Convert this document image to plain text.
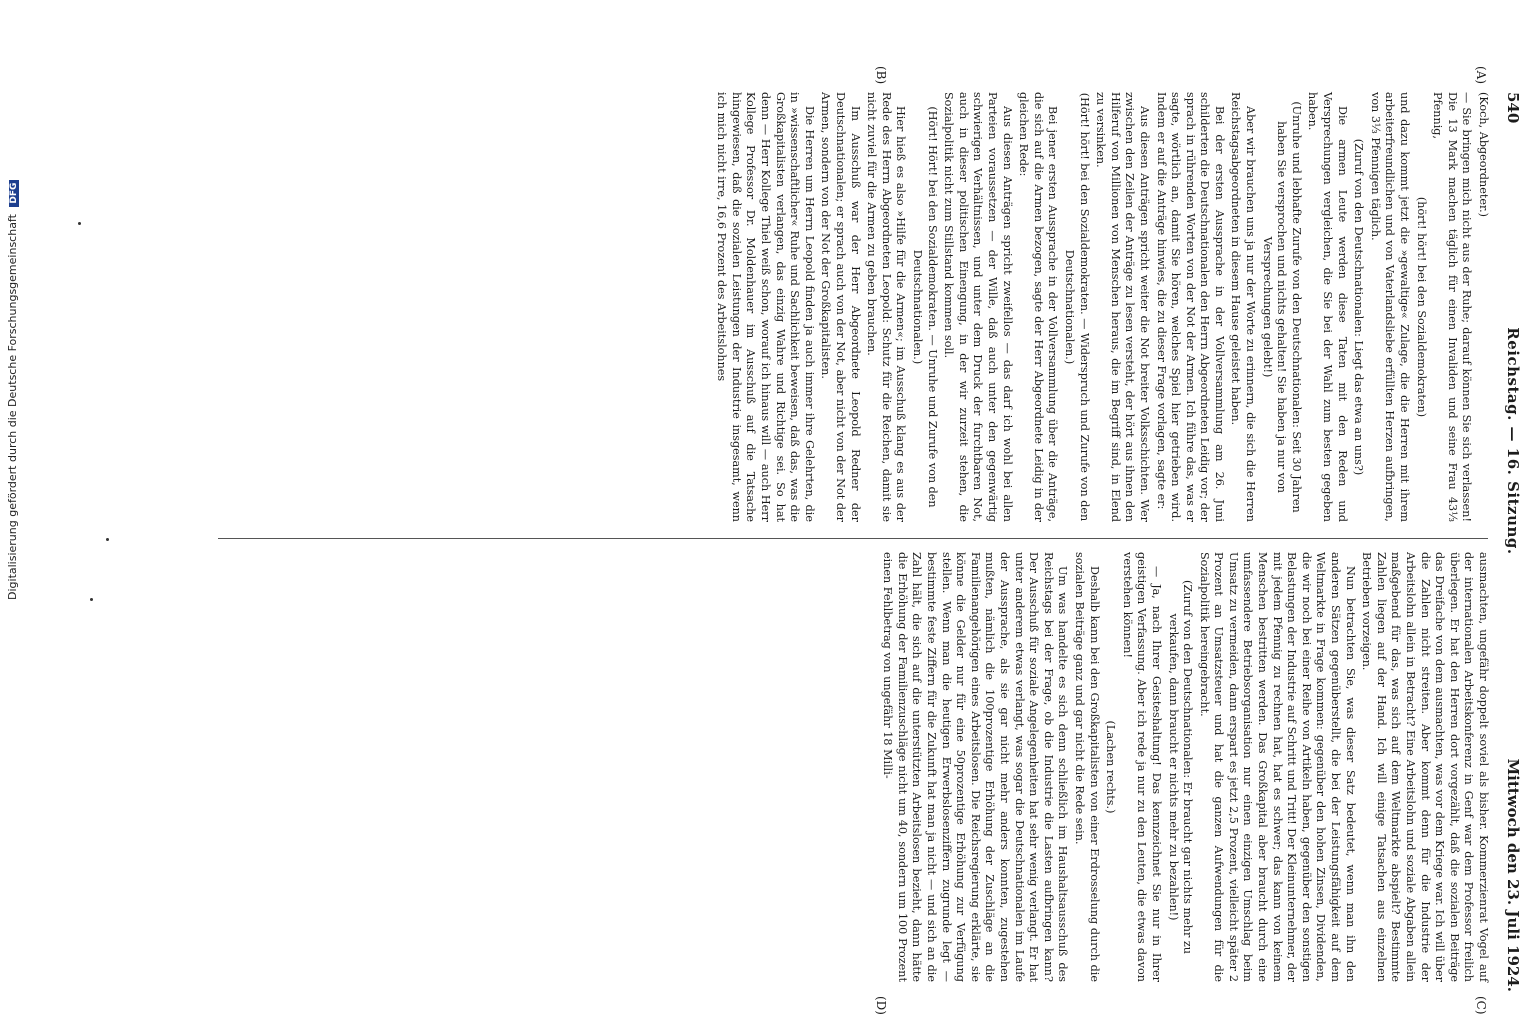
540
Reichstag. — 16. Sitzung.
Mittwoch den 23. Juli 1924.

(Koch, Abgeordneter.)

— Sie bringen mich nicht aus der Ruhe; darauf können Sie sich verlassen! Die 13 Mark machen täglich für einen Invaliden und seine Frau 43⅓ Pfennig,

(hört! hört! bei den Sozialdemokraten)

und dazu kommt jetzt die »gewaltige« Zulage, die die Herren mit ihrem arbeiterfreundlichen und von Vaterlandsliebe erfüllten Herzen aufbringen, von 3⅓ Pfennigen täglich.

(Zuruf von den Deutschnationalen: Liegt das etwa an uns?)

Die armen Leute werden diese Taten mit den Reden und Versprechungen vergleichen, die Sie bei der Wahl zum besten gegeben haben.

(Unruhe und lebhafte Zurufe von den Deutschnationalen: Seit 30 Jahren haben Sie versprochen und nichts gehalten! Sie haben ja nur von Versprechungen gelebt!)

Aber wir brauchen uns ja nur der Worte zu erinnern, die sich die Herren Reichstagsabgeordneten in diesem Hause geleistet haben.

Bei der ersten Aussprache in der Vollversammlung am 26. Juni schilderten die Deutschnationalen den Herrn Abgeordneten Leidig vor; der sprach in rührenden Worten von der Not der Armen. Ich führe das, was er sagte, wörtlich an, damit Sie hören, welches Spiel hier getrieben wird. Indem er auf die Anträge hinwies, die zu dieser Frage vorlagen, sagte er:

Aus diesen Anträgen spricht weiter die Not breiter Volksschichten. Wer zwischen den Zeilen der Anträge zu lesen versteht, der hört aus ihnen den Hilferuf von Millionen von Menschen heraus, die im Begriff sind, in Elend zu versinken.

(Hört! hört! bei den Sozialdemokraten. — Widerspruch und Zurufe von den Deutschnationalen.)

Bei jener ersten Aussprache in der Vollversammlung über die Anträge, die sich auf die Armen bezogen, sagte der Herr Abgeordnete Leidig in der gleichen Rede:

Aus diesen Anträgen spricht zweifellos — das darf ich wohl bei allen Parteien voraussetzen — der Wille, daß auch unter den gegenwärtig schwierigen Verhältnissen, und unter dem Druck der furchtbaren Not, auch in dieser politischen Einengung, in der wir zurzeit stehen, die Sozialpolitik nicht zum Stillstand kommen soll.

(Hört! Hört! bei den Sozialdemokraten. — Unruhe und Zurufe von den Deutschnationalen.)

Hier hieß es also »Hilfe für die Armen«; im Ausschuß klang es aus der Rede des Herrn Abgeordneten Leopold: Schutz für die Reichen, damit sie nicht zuviel für die Armen zu geben brauchen.

Im Ausschuß war der Herr Abgeordnete Leopold Redner der Deutschnationalen; er sprach auch von der Not, aber nicht von der Not der Armen, sondern von der Not der Großkapitalisten.

Die Herren um Herrn Leopold finden ja auch immer ihre Gelehrten, die in »wissenschaftlicher« Ruhe und Sachlichkeit beweisen, daß das, was die Großkapitalisten verlangen, das einzig Wahre und Richtige sei. So hat denn — Herr Kollege Thiel weiß schon, worauf ich hinaus will — auch Herr Kollege Professor Dr. Moldenhauer im Ausschuß auf die Tatsache hingewiesen, daß die sozialen Leistungen der Industrie insgesamt, wenn ich mich nicht irre, 16,6 Prozent des Arbeitslohnes

ausmachten, ungefähr doppelt soviel als bisher. Kommerzienrat Vogel auf der internationalen Arbeitskonferenz in Genf war dem Professor freilich überlegen. Er hat den Herren dort vorgezählt, daß die sozialen Beiträge das Dreifache von dem ausmachten, was vor dem Kriege war. Ich will über die Zahlen nicht streiten. Aber kommt denn für die Industrie der Arbeitslohn allein in Betracht? Eine Arbeitslohn und soziale Abgaben allein maßgebend für das, was sich auf dem Weltmarkte abspielt? Bestimmte Zahlen liegen auf der Hand. Ich will einige Tatsachen aus einzelnen Betrieben vorzeigen.

Nun betrachten Sie, was dieser Satz bedeutet, wenn man ihn den anderen Sätzen gegenüberstellt, die bei der Leistungsfähigkeit auf dem Weltmarkte in Frage kommen: gegenüber den hohen Zinsen, Dividenden, die wir noch bei einer Reihe von Artikeln haben, gegenüber den sonstigen Belastungen der Industrie auf Schritt und Tritt! Der Kleinunternehmer, der mit jedem Pfennig zu rechnen hat, hat es schwer; das kann von keinem Menschen bestritten werden. Das Großkapital aber braucht durch eine umfassendere Betriebsorganisation nur einen einzigen Umschlag beim Umsatz zu vermeiden, dann erspart es jetzt 2,5 Prozent, vielleicht später 2 Prozent an Umsatzsteuer und hat die ganzen Aufwendungen für die Sozialpolitik hereingebracht.

(Zuruf von den Deutschnationalen: Er braucht gar nichts mehr zu verkaufen, dann braucht er nichts mehr zu bezahlen!)

— Ja, nach Ihrer Geisteshaltung! Das kennzeichnet Sie nur in Ihrer geistigen Verfassung. Aber ich rede ja nur zu den Leuten, die etwas davon verstehen können!

(Lachen rechts.)

Deshalb kann bei den Großkapitalisten von einer Erdrosselung durch die sozialen Beiträge ganz und gar nicht die Rede sein.

Um was handelte es sich denn schließlich im Haushaltsausschuß des Reichstags bei der Frage, ob die Industrie die Lasten aufbringen kann? Der Ausschuß für soziale Angelegenheiten hat sehr wenig verlangt. Er hat unter anderem etwas verlangt, was sogar die Deutschnationalen im Laufe der Aussprache, als sie gar nicht mehr anders konnten, zugestehen mußten, nämlich die 100prozentige Erhöhung der Zuschläge an die Familienangehörigen eines Arbeitslosen. Die Reichsregierung erklärte, sie könne die Gelder nur für eine 50prozentige Erhöhung zur Verfügung stellen. Wenn man die heutigen Erwerbslosenziffern zugrunde legt — bestimmte feste Ziffern für die Zukunft hat man ja nicht — und sich an die Zahl hält, die sich auf die unterstützten Arbeitslosen bezieht, dann hätte die Erhöhung der Familienzuschläge nicht um 40, sondern um 100 Prozent einen Fehlbetrag von ungefähr 18 Milli-

(A)
(B)
(C)
(D)
Digitalisierung gefördert durch die Deutsche Forschungsgemeinschaft DFG
